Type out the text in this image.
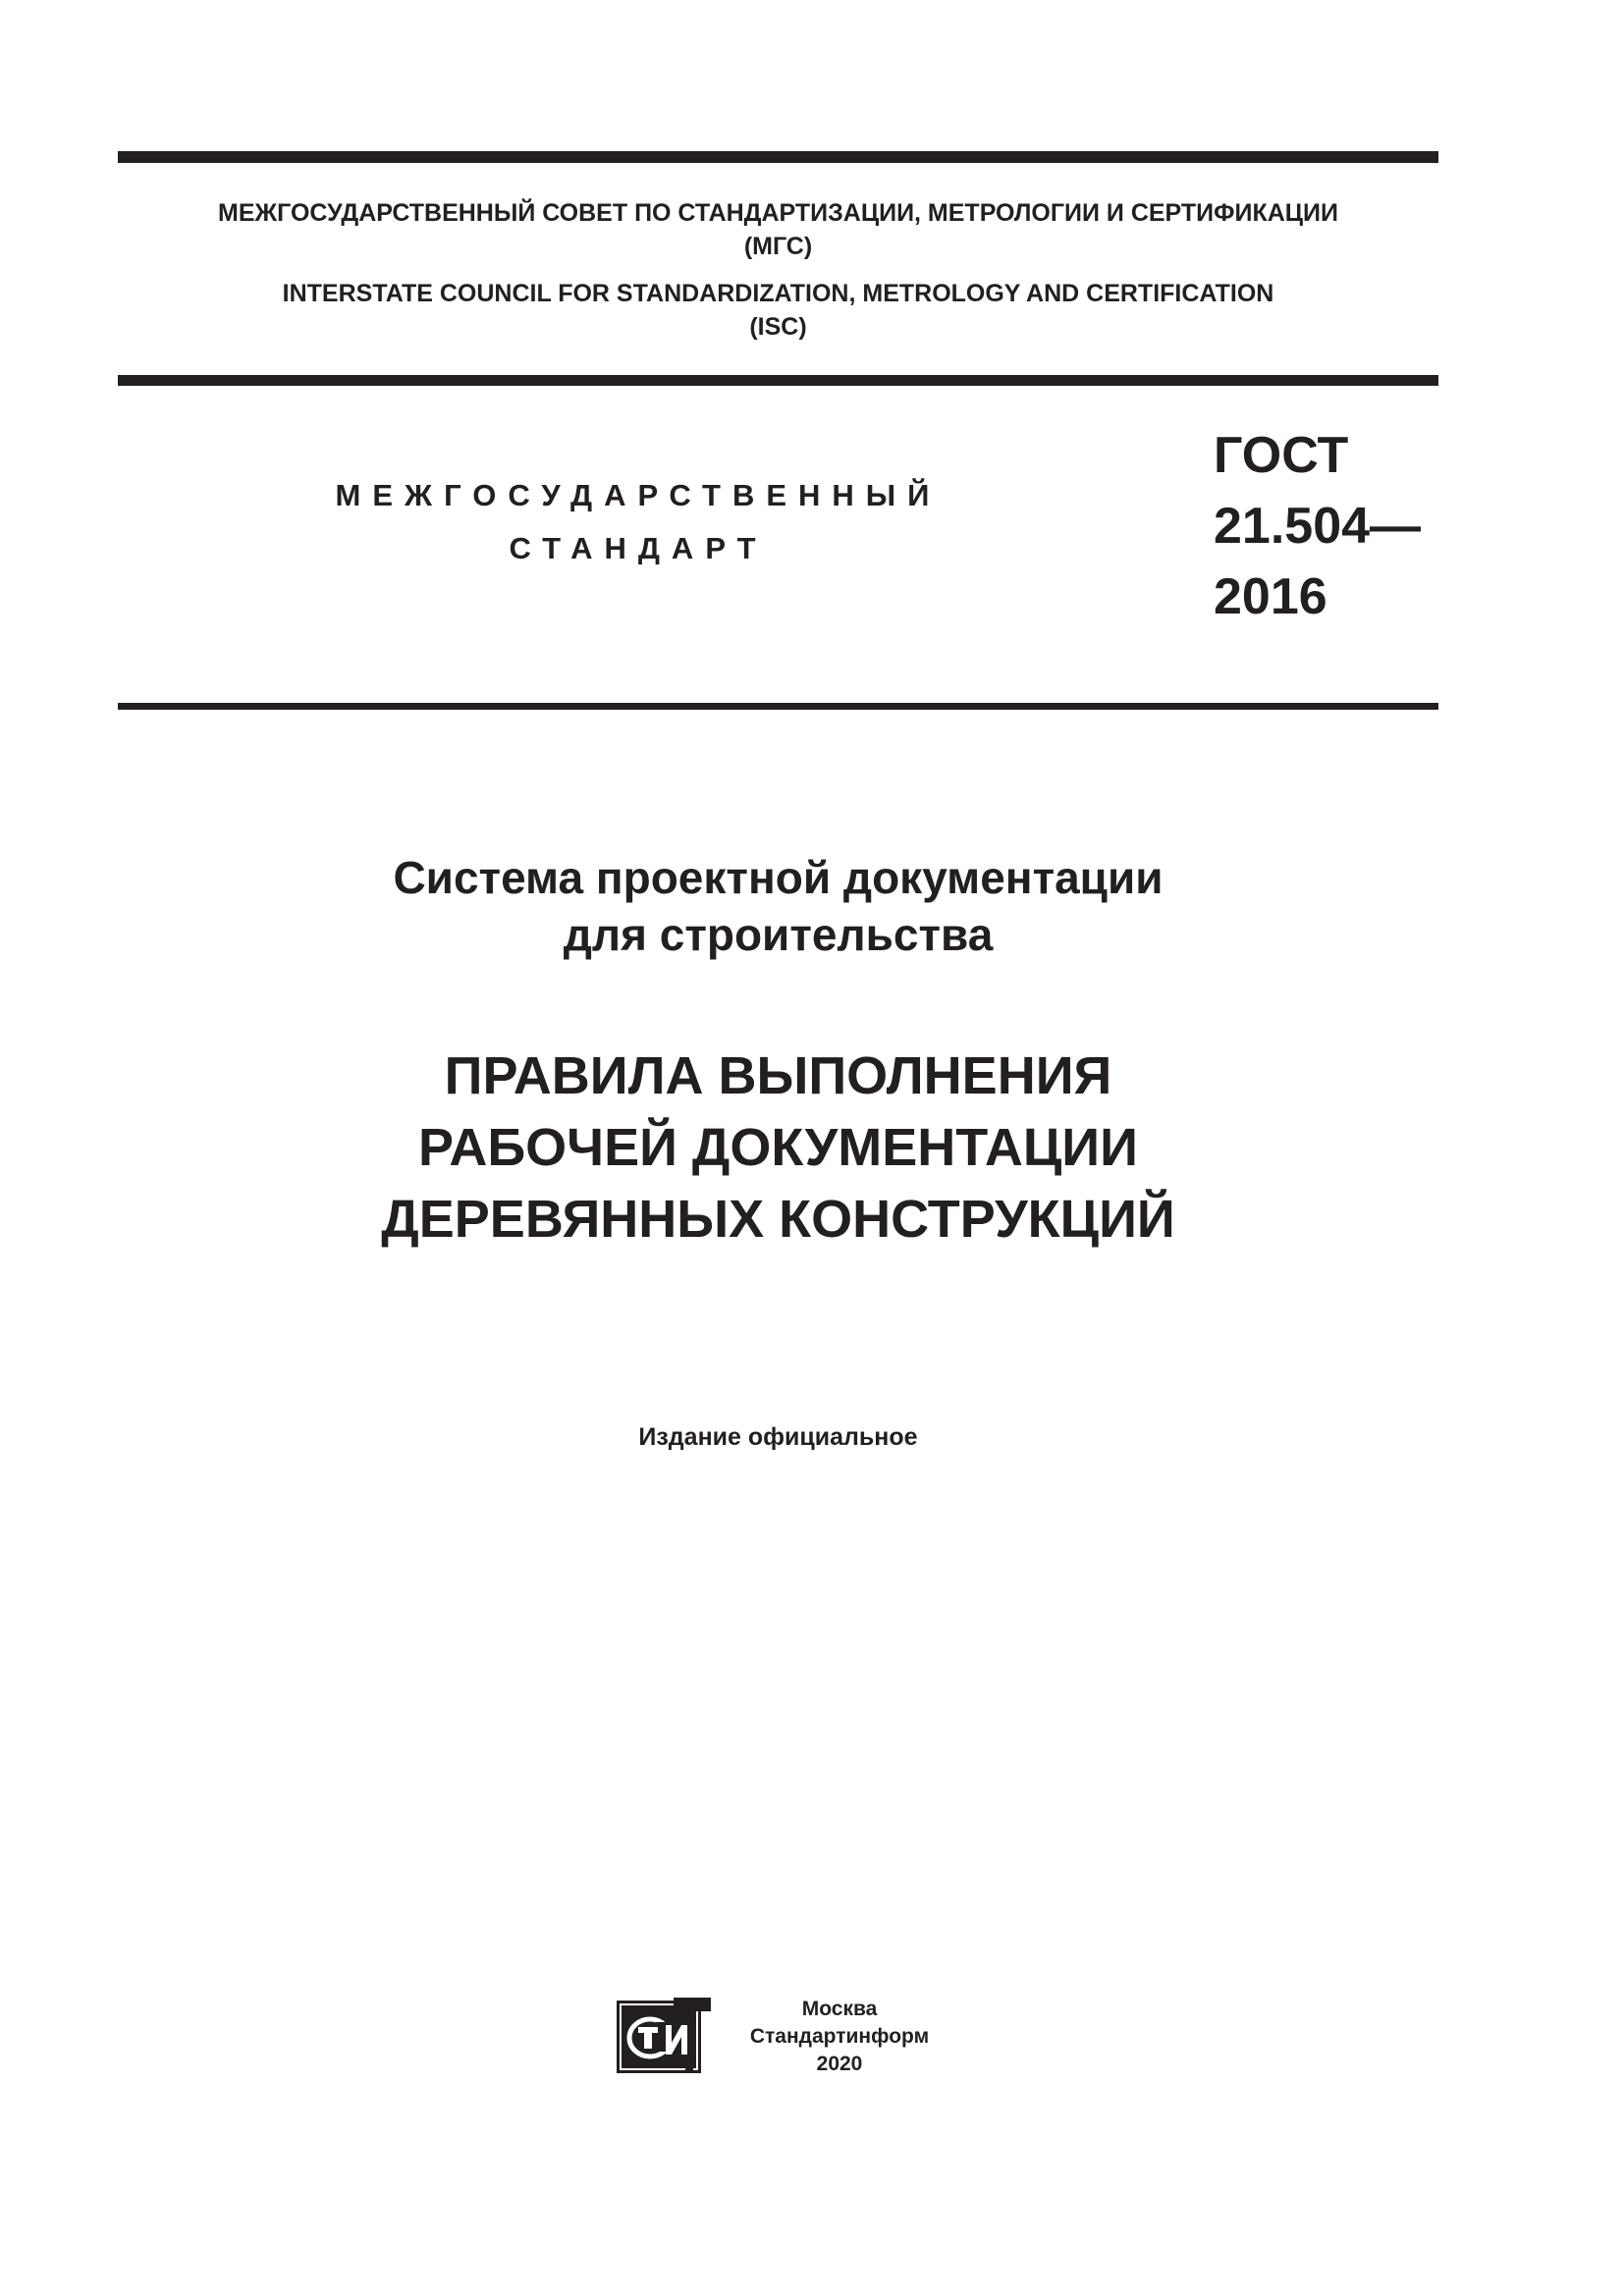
МЕЖГОСУДАРСТВЕННЫЙ СОВЕТ ПО СТАНДАРТИЗАЦИИ, МЕТРОЛОГИИ И СЕРТИФИКАЦИИ
(МГС)
INTERSTATE COUNCIL FOR STANDARDIZATION, METROLOGY AND CERTIFICATION
(ISC)
МЕЖГОСУДАРСТВЕННЫЙ
СТАНДАРТ
ГОСТ
21.504—
2016
Система проектной документации
для строительства
ПРАВИЛА ВЫПОЛНЕНИЯ
РАБОЧЕЙ ДОКУМЕНТАЦИИ
ДЕРЕВЯННЫХ КОНСТРУКЦИЙ
Издание официальное
СтИ
Москва
Стандартинформ
2020
